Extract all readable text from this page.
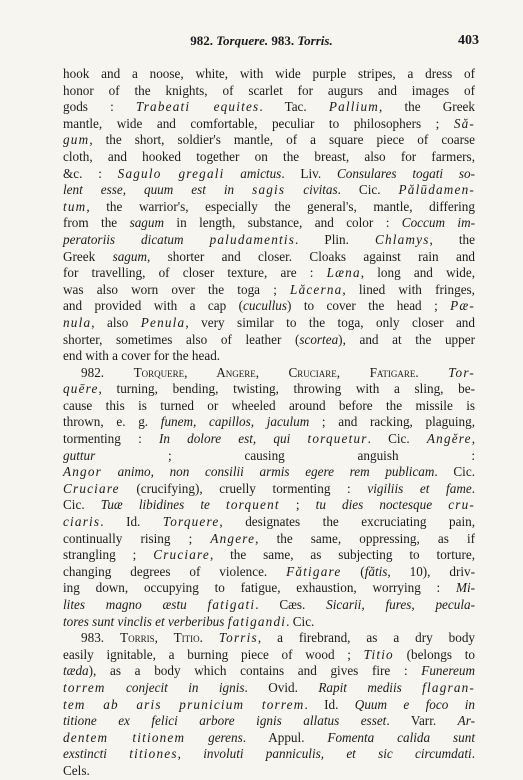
982. Torquere. 983. Torris.	403
hook and a noose, white, with wide purple stripes, a dress of
honor of the knights, of scarlet for augurs and images of
gods : Trabeati equites. Tac. Pallium, the Greek
mantle, wide and comfortable, peculiar to philosophers ; Să-
gum, the short, soldier's mantle, of a square piece of coarse
cloth, and hooked together on the breast, also for farmers,
&c. : Sagulo gregali amictus. Liv. Consulares togati so-
lent esse, quum est in sagis civitas. Cic. Pălūdamen-
tum, the warrior's, especially the general's, mantle, differing
from the sagum in length, substance, and color : Coccum im-
peratoriis dicatum paludamentis. Plin. Chlamys, the
Greek sagum, shorter and closer. Cloaks against rain and
for travelling, of closer texture, are : Læna, long and wide,
was also worn over the toga ; Lăcerna, lined with fringes,
and provided with a cap (cucullus) to cover the head ; Pæ-
nula, also Penula, very similar to the toga, only closer and
shorter, sometimes also of leather (scortea), and at the upper
end with a cover for the head.
982. Torquere, Angere, Cruciare, Fatigare. Tor-
quēre, turning, bending, twisting, throwing with a sling, be-
cause this is turned or wheeled around before the missile is
thrown, e. g. funem, capillos, jaculum ; and racking, plaguing,
tormenting : In dolore est, qui torquetur. Cic. Angĕre,
guttur ; causing anguish :
Angor animo, non consilii armis egere rem publicam. Cic.
Cruciare (crucifying), cruelly tormenting : vigiliis et fame.
Cic. Tuæ libidines te torquent ; tu dies noctesque cru-
ciaris. Id. Torquere, designates the excruciating pain,
continually rising ; Angere, the same, oppressing, as if
strangling ; Cruciare, the same, as subjecting to torture,
changing degrees of violence. Fătigare (fătis, 10), driv-
ing down, occupying to fatigue, exhaustion, worrying : Mi-
lites magno æstu fatigati. Cæs. Sicarii, fures, pecula-
tores sunt vinclis et verberibus fatigandi. Cic.
983. Torris, Titio. Torris, a firebrand, as a dry body
easily ignitable, a burning piece of wood ; Titio (belongs to
tæda), as a body which contains and gives fire : Funereum
torrem conjecit in ignis. Ovid. Rapit mediis flagran-
tem ab aris prunicium torrem. Id. Quum e foco in
titione ex felici arbore ignis allatus esset. Varr. Ar-
dentem titionem gerens. Appul. Fomenta calida sunt
exstincti titiones, involuti panniculis, et sic circumdati.
Cels.
